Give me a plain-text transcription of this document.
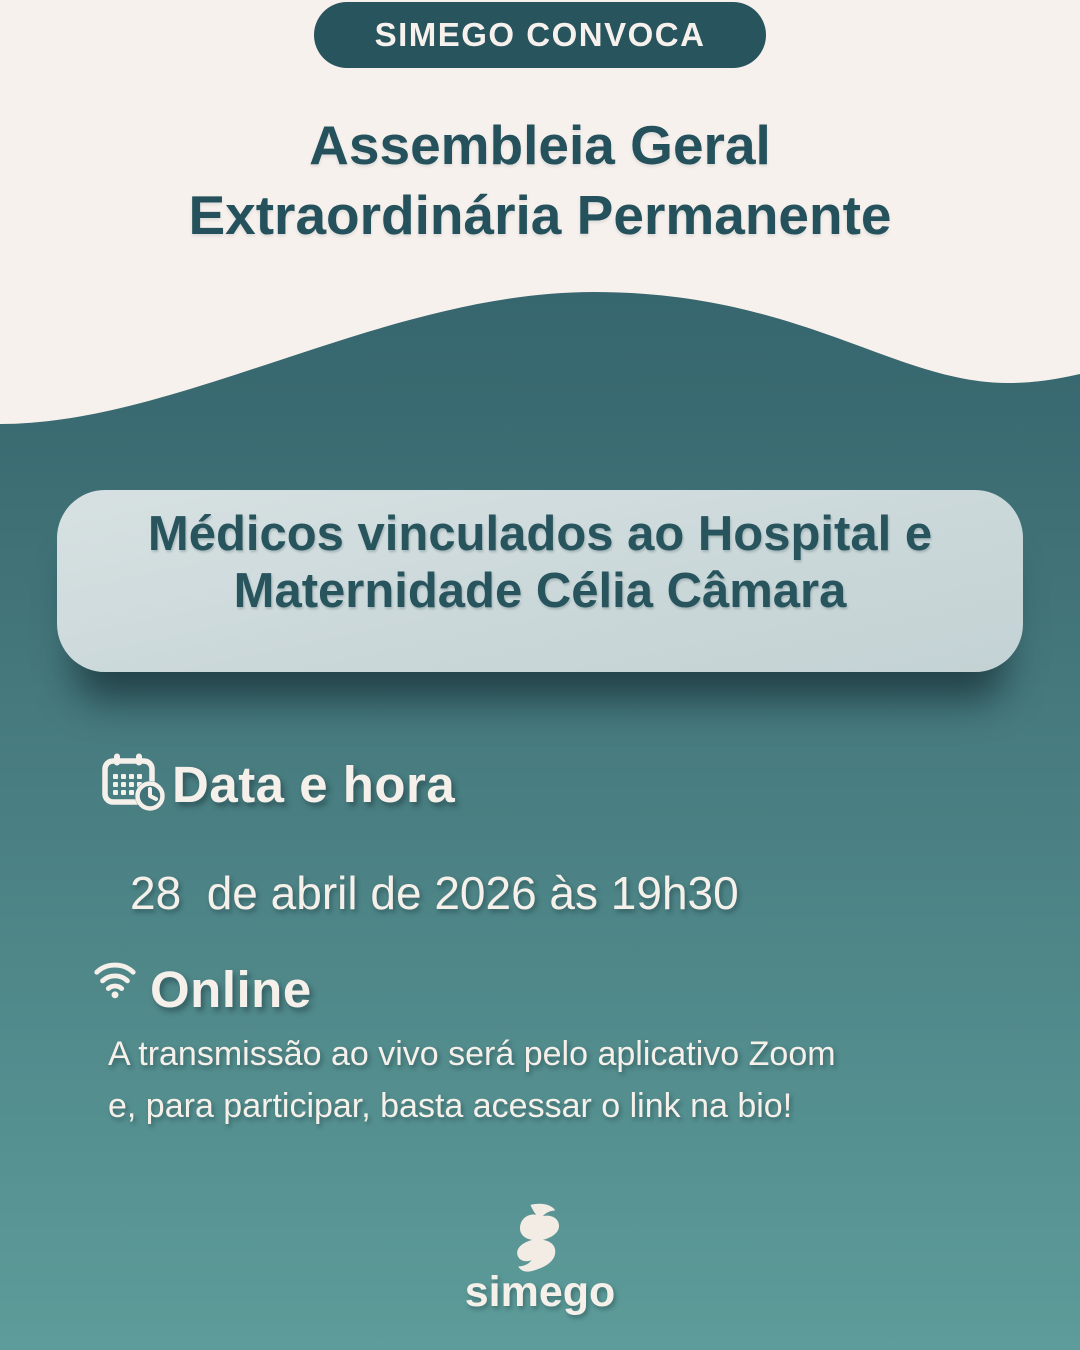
SIMEGO CONVOCA
Assembleia Geral
Extraordinária Permanente
Médicos vinculados ao Hospital e
Maternidade Célia Câmara
Data e hora
28  de abril de 2026 às 19h30
Online
A transmissão ao vivo será pelo aplicativo Zoom
e, para participar, basta acessar o link na bio!
simego
